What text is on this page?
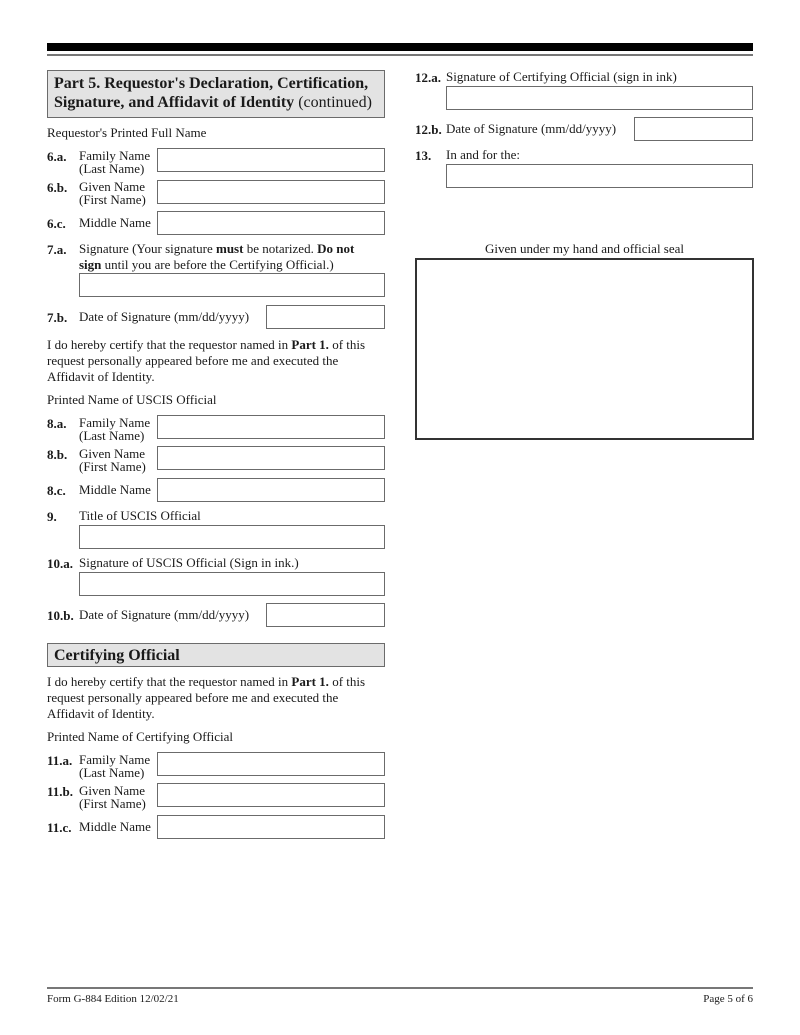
Part 5. Requestor's Declaration, Certification, Signature, and Affidavit of Identity (continued)
Requestor's Printed Full Name
6.a. Family Name
(Last Name)
6.b. Given Name
(First Name)
6.c. Middle Name
7.a. Signature (Your signature must be notarized. Do not sign until you are before the Certifying Official.)
7.b. Date of Signature (mm/dd/yyyy)
I do hereby certify that the requestor named in Part 1. of this request personally appeared before me and executed the Affidavit of Identity.
Printed Name of USCIS Official
8.a. Family Name
(Last Name)
8.b. Given Name
(First Name)
8.c. Middle Name
9. Title of USCIS Official
10.a. Signature of USCIS Official (Sign in ink.)
10.b. Date of Signature (mm/dd/yyyy)
Certifying Official
I do hereby certify that the requestor named in Part 1. of this request personally appeared before me and executed the Affidavit of Identity.
Printed Name of Certifying Official
11.a. Family Name
(Last Name)
11.b. Given Name
(First Name)
11.c. Middle Name
12.a. Signature of Certifying Official (sign in ink)
12.b. Date of Signature (mm/dd/yyyy)
13. In and for the:
Given under my hand and official seal
Form G-884 Edition 12/02/21	Page 5 of 6
